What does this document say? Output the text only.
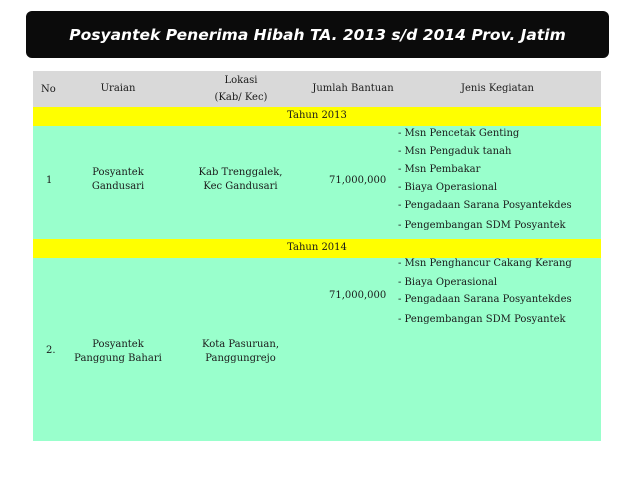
Posyantek Penerima Hibah TA. 2013 s/d 2014 Prov. Jatim
No	Uraian
Lokasi
(Kab/ Kec)
Jumlah Bantuan	Jenis Kegiatan
Tahun 2013
1
Posyantek
Gandusari
Kab Trenggalek,
Kec Gandusari
71,000,000
- Msn Pencetak Genting
- Msn Pengaduk tanah
- Msn Pembakar
- Biaya Operasional
- Pengadaan Sarana Posyantekdes
- Pengembangan SDM Posyantek
Tahun 2014
2.
Posyantek
Panggung Bahari
Kota Pasuruan,
Panggungrejo
71,000,000
- Msn Penghancur Cakang Kerang
- Biaya Operasional
- Pengadaan Sarana Posyantekdes
- Pengembangan SDM Posyantek
